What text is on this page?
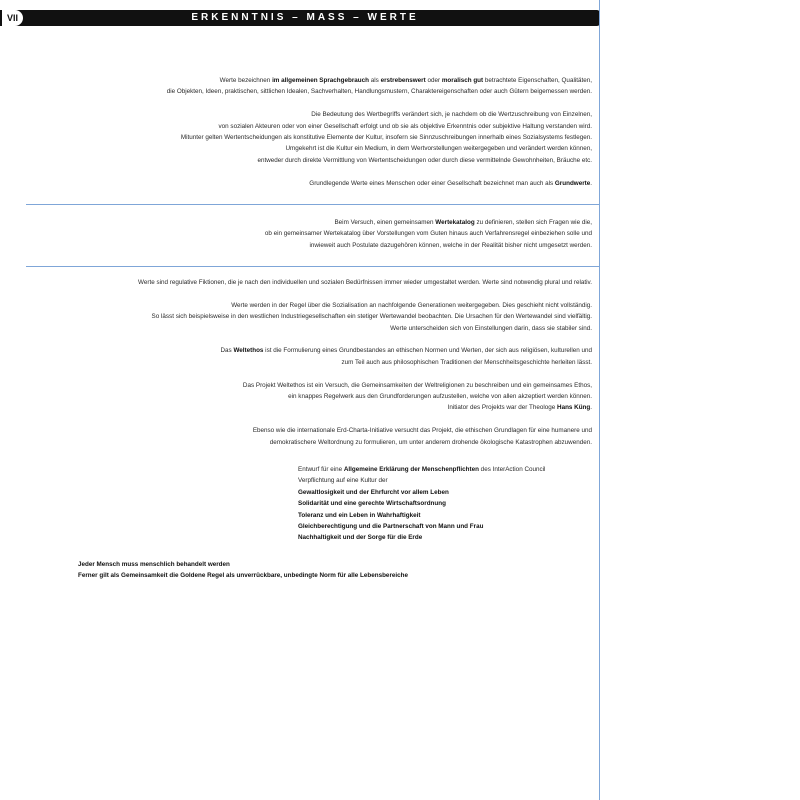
VII	ERKENNTNIS – MASS – WERTE

Werte bezeichnen im allgemeinen Sprachgebrauch als erstrebenswert oder moralisch gut betrachtete Eigenschaften, Qualitäten,

die Objekten, Ideen, praktischen, sittlichen Idealen, Sachverhalten, Handlungsmustern, Charaktereigenschaften oder auch Gütern beigemessen werden.

Die Bedeutung des Wertbegriffs verändert sich, je nachdem ob die Wertzuschreibung von Einzelnen,

von sozialen Akteuren oder von einer Gesellschaft erfolgt und ob sie als objektive Erkenntnis oder subjektive Haltung verstanden wird.

Mitunter gelten Wertentscheidungen als konstitutive Elemente der Kultur, insofern sie Sinnzuschreibungen innerhalb eines Sozialsystems festlegen.

Umgekehrt ist die Kultur ein Medium, in dem Wertvorstellungen weitergegeben und verändert werden können,

entweder durch direkte Vermittlung von Wertentscheidungen oder durch diese vermittelnde Gewohnheiten, Bräuche etc.

Grundlegende Werte eines Menschen oder einer Gesellschaft bezeichnet man auch als Grundwerte.

Beim Versuch, einen gemeinsamen Wertekatalog zu definieren, stellen sich Fragen wie die,

ob ein gemeinsamer Wertekatalog über Vorstellungen vom Guten hinaus auch Verfahrensregel einbeziehen solle und

inwieweit auch Postulate dazugehören können, welche in der Realität bisher nicht umgesetzt werden.

Werte sind regulative Fiktionen, die je nach den individuellen und sozialen Bedürfnissen immer wieder umgestaltet werden. Werte sind notwendig plural und relativ.

Werte werden in der Regel über die Sozialisation an nachfolgende Generationen weitergegeben. Dies geschieht nicht vollständig.

So lässt sich beispielsweise in den westlichen Industriegesellschaften ein stetiger Wertewandel beobachten. Die Ursachen für den Wertewandel sind vielfältig.

Werte unterscheiden sich von Einstellungen darin, dass sie stabiler sind.

Das Weltethos ist die Formulierung eines Grundbestandes an ethischen Normen und Werten, der sich aus religiösen, kulturellen und

zum Teil auch aus philosophischen Traditionen der Menschheitsgeschichte herleiten lässt.

Das Projekt Weltethos ist ein Versuch, die Gemeinsamkeiten der Weltreligionen zu beschreiben und ein gemeinsames Ethos,

ein knappes Regelwerk aus den Grundforderungen aufzustellen, welche von allen akzeptiert werden können.

Initiator des Projekts war der Theologe Hans Küng.

Ebenso wie die internationale Erd-Charta-Initiative versucht das Projekt, die ethischen Grundlagen für eine humanere und

demokratischere Weltordnung zu formulieren, um unter anderem drohende ökologische Katastrophen abzuwenden.

Entwurf für eine Allgemeine Erklärung der Menschenpflichten des InterAction Council

Verpflichtung auf eine Kultur der

Gewaltlosigkeit und der Ehrfurcht vor allem Leben

Solidarität und eine gerechte Wirtschaftsordnung

Toleranz und ein Leben in Wahrhaftigkeit

Gleichberechtigung und die Partnerschaft von Mann und Frau

Nachhaltigkeit und der Sorge für die Erde

Jeder Mensch muss menschlich behandelt werden

Ferner gilt als Gemeinsamkeit die Goldene Regel als unverrückbare, unbedingte Norm für alle Lebensbereiche
